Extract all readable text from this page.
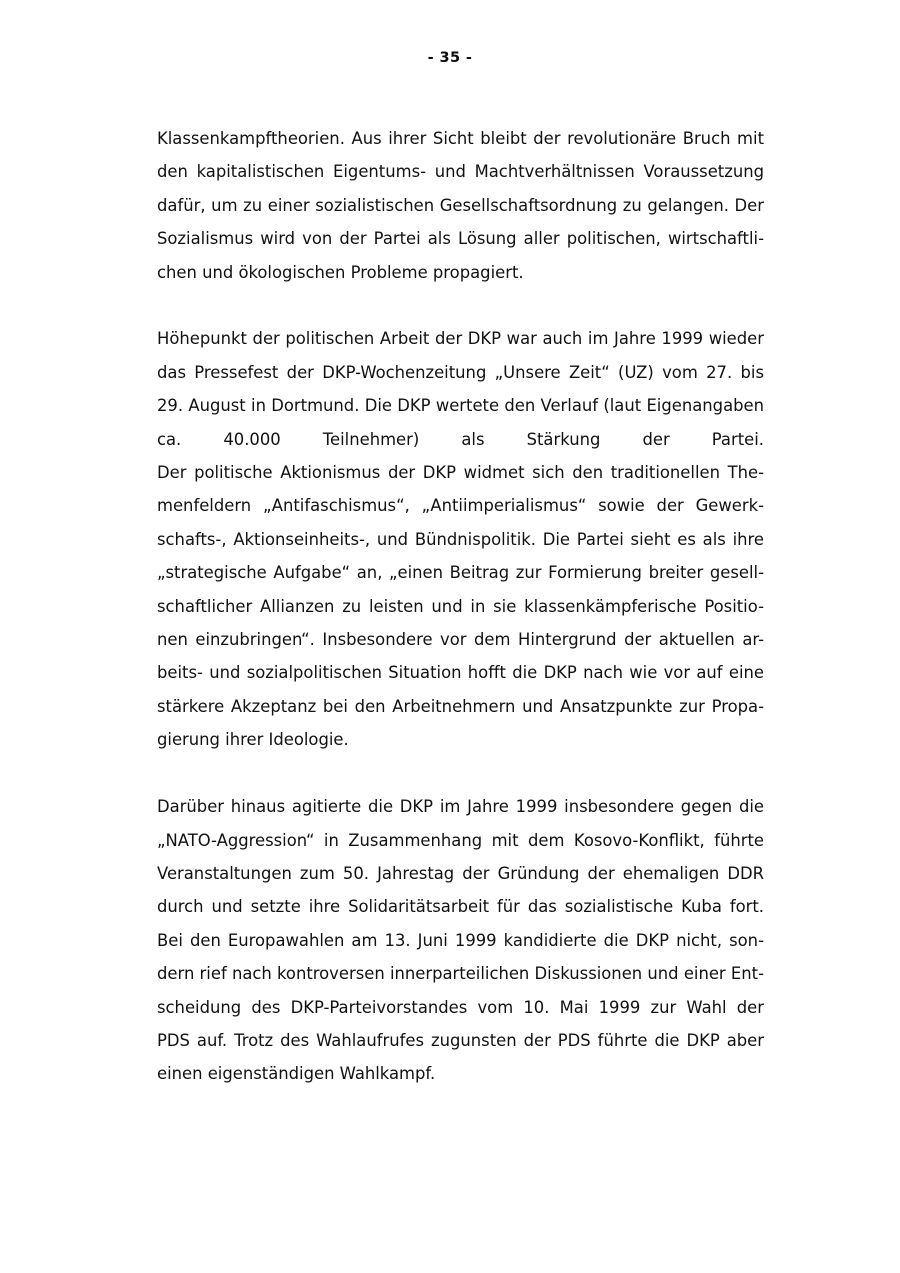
- 35 -

Klassenkampftheorien. Aus ihrer Sicht bleibt der revolutionäre Bruch mit
den kapitalistischen Eigentums- und Machtverhältnissen Voraussetzung
dafür, um zu einer sozialistischen Gesellschaftsordnung zu gelangen. Der
Sozialismus wird von der Partei als Lösung aller politischen, wirtschaftli-
chen und ökologischen Probleme propagiert.

Höhepunkt der politischen Arbeit der DKP war auch im Jahre 1999 wieder
das Pressefest der DKP-Wochenzeitung „Unsere Zeit“ (UZ) vom 27. bis
29. August in Dortmund. Die DKP wertete den Verlauf (laut Eigenangaben
ca. 40.000 Teilnehmer) als Stärkung der Partei.
Der politische Aktionismus der DKP widmet sich den traditionellen The-
menfeldern „Antifaschismus“, „Antiimperialismus“ sowie der Gewerk-
schafts-, Aktionseinheits-, und Bündnispolitik. Die Partei sieht es als ihre
„strategische Aufgabe“ an, „einen Beitrag zur Formierung breiter gesell-
schaftlicher Allianzen zu leisten und in sie klassenkämpferische Positio-
nen einzubringen“. Insbesondere vor dem Hintergrund der aktuellen ar-
beits- und sozialpolitischen Situation hofft die DKP nach wie vor auf eine
stärkere Akzeptanz bei den Arbeitnehmern und Ansatzpunkte zur Propa-
gierung ihrer Ideologie.

Darüber hinaus agitierte die DKP im Jahre 1999 insbesondere gegen die
„NATO-Aggression“ in Zusammenhang mit dem Kosovo-Konflikt, führte
Veranstaltungen zum 50. Jahrestag der Gründung der ehemaligen DDR
durch und setzte ihre Solidaritätsarbeit für das sozialistische Kuba fort.
Bei den Europawahlen am 13. Juni 1999 kandidierte die DKP nicht, son-
dern rief nach kontroversen innerparteilichen Diskussionen und einer Ent-
scheidung des DKP-Parteivorstandes vom 10. Mai 1999 zur Wahl der
PDS auf. Trotz des Wahlaufrufes zugunsten der PDS führte die DKP aber
einen eigenständigen Wahlkampf.
